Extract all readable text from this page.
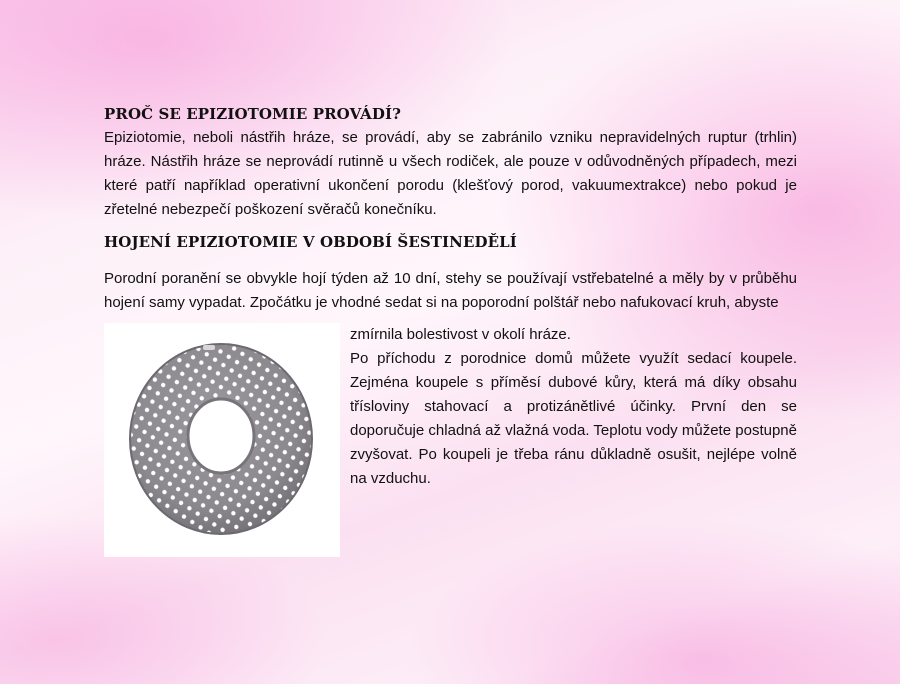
PROČ SE EPIZIOTOMIE PROVÁDÍ?

Epiziotomie, neboli nástřih hráze, se provádí, aby se zabránilo vzniku nepravidelných ruptur (trhlin) hráze. Nástřih hráze se neprovádí rutinně u všech rodiček, ale pouze v odůvodněných případech, mezi které patří například operativní ukončení porodu (klešťový porod, vakuumextrakce) nebo pokud je zřetelné nebezpečí poškození svěračů konečníku.

HOJENÍ EPIZIOTOMIE V OBDOBÍ ŠESTINEDĚLÍ

Porodní poranění se obvykle hojí týden až 10 dní, stehy se používají vstřebatelné a měly by v průběhu hojení samy vypadat. Zpočátku je vhodné sedat si na poporodní polštář nebo nafukovací kruh, abyste

zmírnila bolestivost v okolí hráze.

Po příchodu z porodnice domů můžete využít sedací koupele. Zejména koupele s příměsí dubové kůry, která má díky obsahu třísloviny stahovací a protizánětlivé účinky. První den se doporučuje chladná až vlažná voda. Teplotu vody můžete postupně zvyšovat. Po koupeli je třeba ránu důkladně osušit, nejlépe volně na vzduchu.
